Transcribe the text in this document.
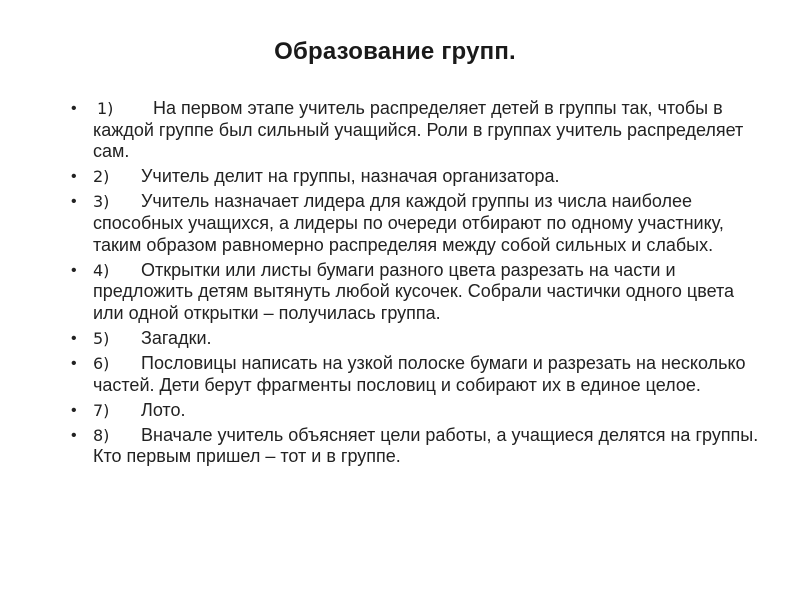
Образование групп.
• 1) На первом этапе учитель распределяет детей в группы так, чтобы в каждой группе был сильный учащийся. Роли в группах учитель распределяет сам.
• 2) Учитель делит на группы, назначая организатора.
• 3) Учитель назначает лидера для каждой группы из числа наиболее способных учащихся, а лидеры по очереди отбирают по одному участнику, таким образом равномерно распределяя между собой сильных и слабых.
• 4) Открытки или листы бумаги разного цвета разрезать на части и предложить детям вытянуть любой кусочек. Собрали частички одного цвета или одной открытки – получилась группа.
• 5) Загадки.
• 6) Пословицы написать на узкой полоске бумаги и разрезать на несколько частей. Дети берут фрагменты пословиц и собирают их в единое целое.
• 7) Лото.
• 8) Вначале учитель объясняет цели работы, а учащиеся делятся на группы. Кто первым пришел – тот и в группе.
